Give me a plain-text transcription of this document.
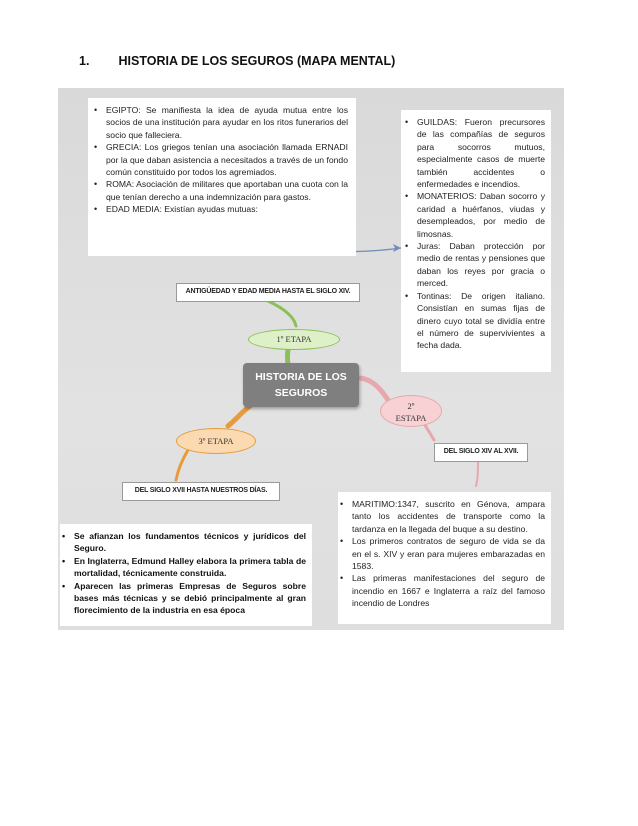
1. HISTORIA DE LOS SEGUROS (MAPA MENTAL)
• EGIPTO: Se manifiesta la idea de ayuda mutua entre los socios de una institución para ayudar en los ritos funerarios del socio que falleciera.
• GRECIA: Los griegos tenían una asociación llamada ERNADI por la que daban asistencia a necesitados a través de un fondo común constituido por todos los agremiados.
• ROMA: Asociación de militares que aportaban una cuota con la que tenían derecho a una indemnización para gastos.
• EDAD MEDIA: Existían ayudas mutuas:
• GUILDAS: Fueron precursores de las compañías de seguros para socorros mutuos, especialmente casos de muerte también accidentes o enfermedades e incendios.
• MONATERIOS: Daban socorro y caridad a huérfanos, viudas y desempleados, por medio de limosnas.
• Juras: Daban protección por medio de rentas y pensiones que daban los reyes por gracia o merced.
• Tontinas: De origen italiano. Consistían en sumas fijas de dinero cuyo total se dividía entre el número de supervivientes a fecha dada.
ANTIGÜEDAD Y EDAD MEDIA HASTA EL SIGLO XIV.
1º ETAPA
HISTORIA DE LOS
SEGUROS
2º
ESTAPA
DEL SIGLO XIV AL XVII.
3º ETAPA
DEL SIGLO XVII HASTA NUESTROS DÍAS.
• Se afianzan los fundamentos técnicos y jurídicos del Seguro.
• En Inglaterra, Edmund Halley elabora la primera tabla de mortalidad, técnicamente construida.
• Aparecen las primeras Empresas de Seguros sobre bases más técnicas y se debió principalmente al gran florecimiento de la industria en esa época
• MARITIMO:1347, suscrito en Génova, ampara tanto los accidentes de transporte como la tardanza en la llegada del buque a su destino.
• Los primeros contratos de seguro de vida se da en el s. XIV y eran para mujeres embarazadas en 1583.
• Las primeras manifestaciones del seguro de incendio en 1667 e Inglaterra a raíz del famoso incendio de Londres
